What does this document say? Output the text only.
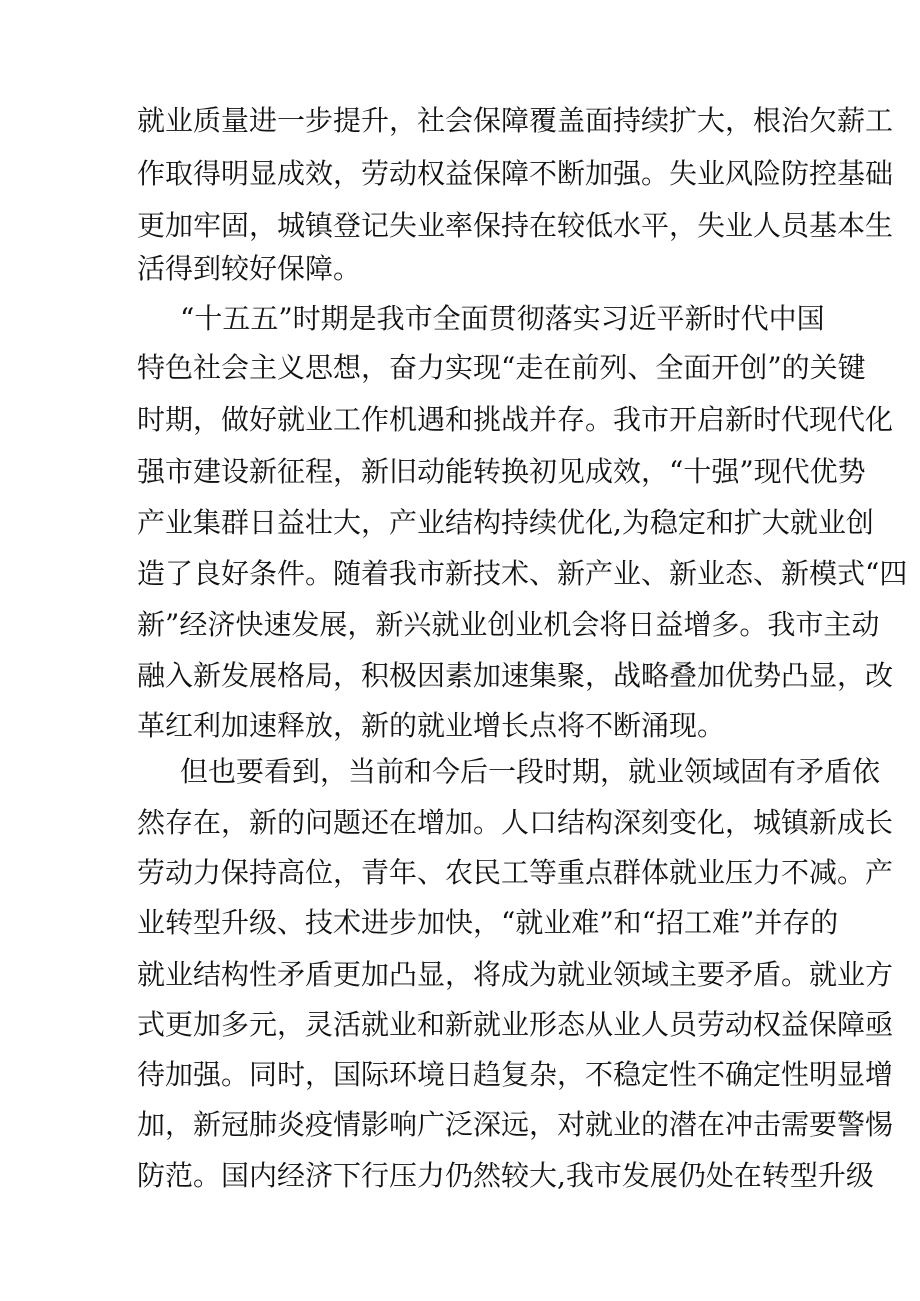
就业质量进一步提升，社会保障覆盖面持续扩大，根治欠薪工
作取得明显成效，劳动权益保障不断加强。失业风险防控基础
更加牢固，城镇登记失业率保持在较低水平，失业人员基本生
活得到较好保障。
“十五五”时期是我市全面贯彻落实习近平新时代中国
特色社会主义思想，奋力实现“走在前列、全面开创”的关键
时期，做好就业工作机遇和挑战并存。我市开启新时代现代化
强市建设新征程，新旧动能转换初见成效，“十强”现代优势
产业集群日益壮大，产业结构持续优化,为稳定和扩大就业创
造了良好条件。随着我市新技术、新产业、新业态、新模式“四
新”经济快速发展，新兴就业创业机会将日益增多。我市主动
融入新发展格局，积极因素加速集聚，战略叠加优势凸显，改
革红利加速释放，新的就业增长点将不断涌现。
但也要看到，当前和今后一段时期，就业领域固有矛盾依
然存在，新的问题还在增加。人口结构深刻变化，城镇新成长
劳动力保持高位，青年、农民工等重点群体就业压力不减。产
业转型升级、技术进步加快，“就业难”和“招工难”并存的
就业结构性矛盾更加凸显，将成为就业领域主要矛盾。就业方
式更加多元，灵活就业和新就业形态从业人员劳动权益保障亟
待加强。同时，国际环境日趋复杂，不稳定性不确定性明显增
加，新冠肺炎疫情影响广泛深远，对就业的潜在冲击需要警惕
防范。国内经济下行压力仍然较大,我市发展仍处在转型升级
